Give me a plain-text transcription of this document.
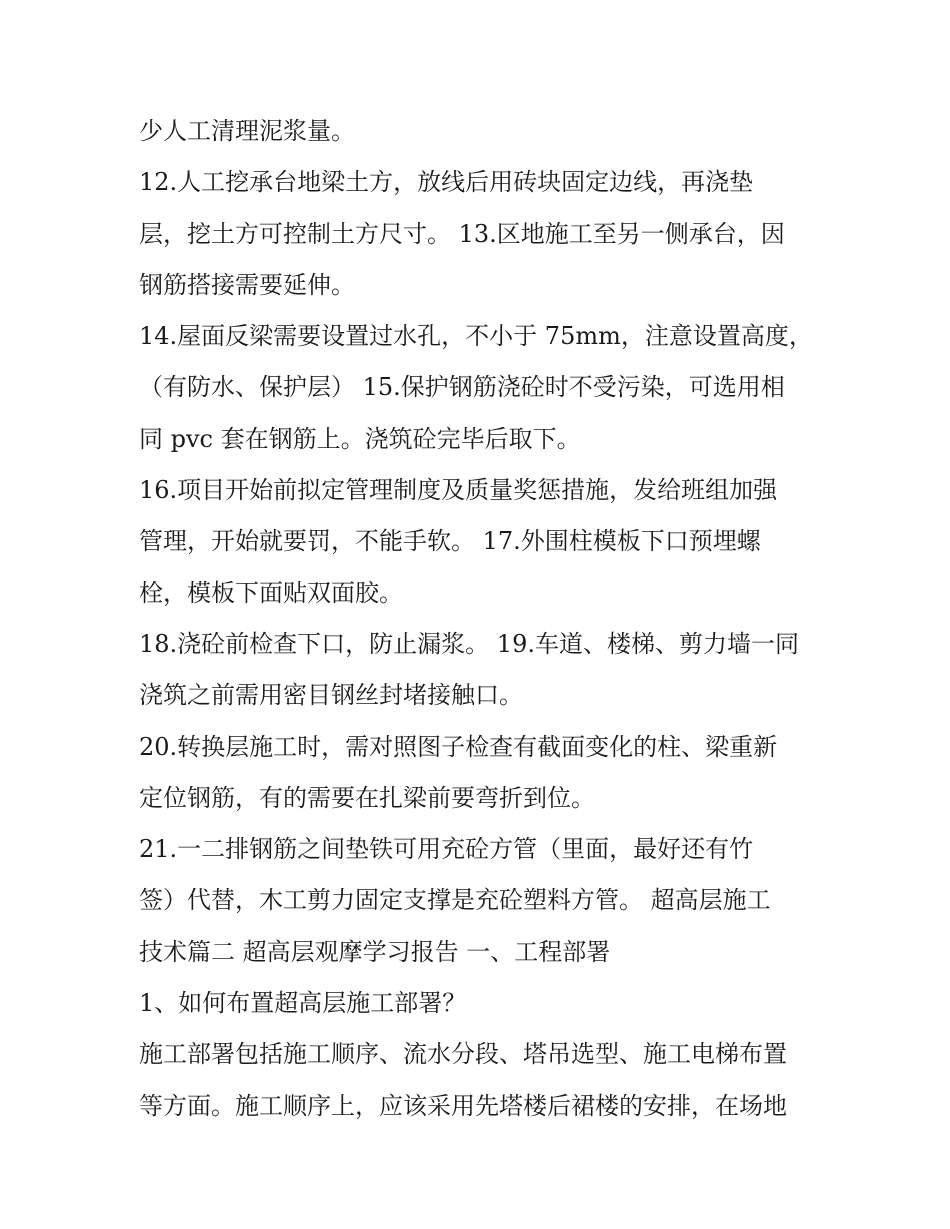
少人工清理泥浆量。
12.人工挖承台地梁土方，放线后用砖块固定边线，再浇垫
层，挖土方可控制土方尺寸。 13.区地施工至另一侧承台，因
钢筋搭接需要延伸。
14.屋面反梁需要设置过水孔，不小于 75mm，注意设置高度，
（有防水、保护层） 15.保护钢筋浇砼时不受污染，可选用相
同 pvc 套在钢筋上。浇筑砼完毕后取下。
16.项目开始前拟定管理制度及质量奖惩措施，发给班组加强
管理，开始就要罚，不能手软。 17.外围柱模板下口预埋螺
栓，模板下面贴双面胶。
18.浇砼前检查下口，防止漏浆。 19.车道、楼梯、剪力墙一同
浇筑之前需用密目钢丝封堵接触口。
20.转换层施工时，需对照图子检查有截面变化的柱、梁重新
定位钢筋，有的需要在扎梁前要弯折到位。
21.一二排钢筋之间垫铁可用充砼方管（里面，最好还有竹
签）代替，木工剪力固定支撑是充砼塑料方管。 超高层施工
技术篇二 超高层观摩学习报告 一、工程部署
1、如何布置超高层施工部署？
施工部署包括施工顺序、流水分段、塔吊选型、施工电梯布置
等方面。施工顺序上，应该采用先塔楼后裙楼的安排，在场地
